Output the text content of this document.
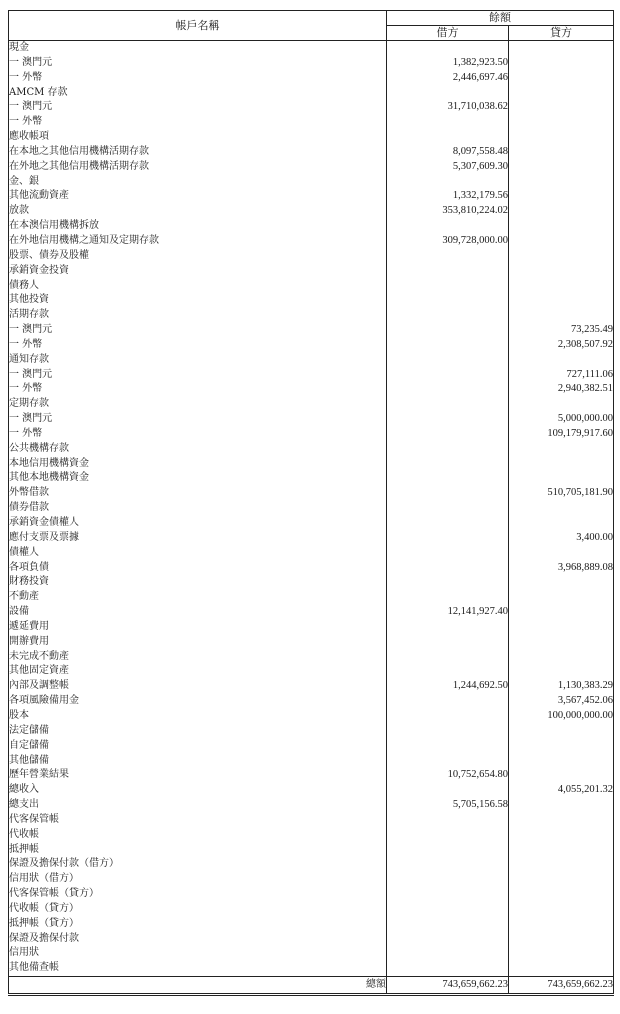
帳戶名稱	餘額	
	借方	貸方
現金		
一 澳門元	1,382,923.50	
一 外幣	2,446,697.46	
AMCM 存款		
一 澳門元	31,710,038.62	
一 外幣		
應收帳項		
在本地之其他信用機構活期存款	8,097,558.48	
在外地之其他信用機構活期存款	5,307,609.30	
金、銀		
其他流動資產	1,332,179.56	
放款	353,810,224.02	
在本澳信用機構拆放		
在外地信用機構之通知及定期存款	309,728,000.00	
股票、債券及股權		
承銷資金投資		
債務人		
其他投資		
活期存款		
一 澳門元		73,235.49
一 外幣		2,308,507.92
通知存款		
一 澳門元		727,111.06
一 外幣		2,940,382.51
定期存款		
一 澳門元		5,000,000.00
一 外幣		109,179,917.60
公共機構存款		
本地信用機構資金		
其他本地機構資金		
外幣借款		510,705,181.90
債券借款		
承銷資金債權人		
應付支票及票據		3,400.00
債權人		
各項負債		3,968,889.08
財務投資		
不動產		
設備	12,141,927.40	
遞延費用		
開辦費用		
未完成不動產		
其他固定資產		
內部及調整帳	1,244,692.50	1,130,383.29
各項風險備用金		3,567,452.06
股本		100,000,000.00
法定儲備		
自定儲備		
其他儲備		
歷年營業結果	10,752,654.80	
總收入		4,055,201.32
總支出	5,705,156.58	
代客保管帳		
代收帳		
抵押帳		
保證及擔保付款（借方）		
信用狀（借方）		
代客保管帳（貸方）		
代收帳（貸方）		
抵押帳（貸方）		
保證及擔保付款		
信用狀		
其他備查帳		
總額	743,659,662.23	743,659,662.23
